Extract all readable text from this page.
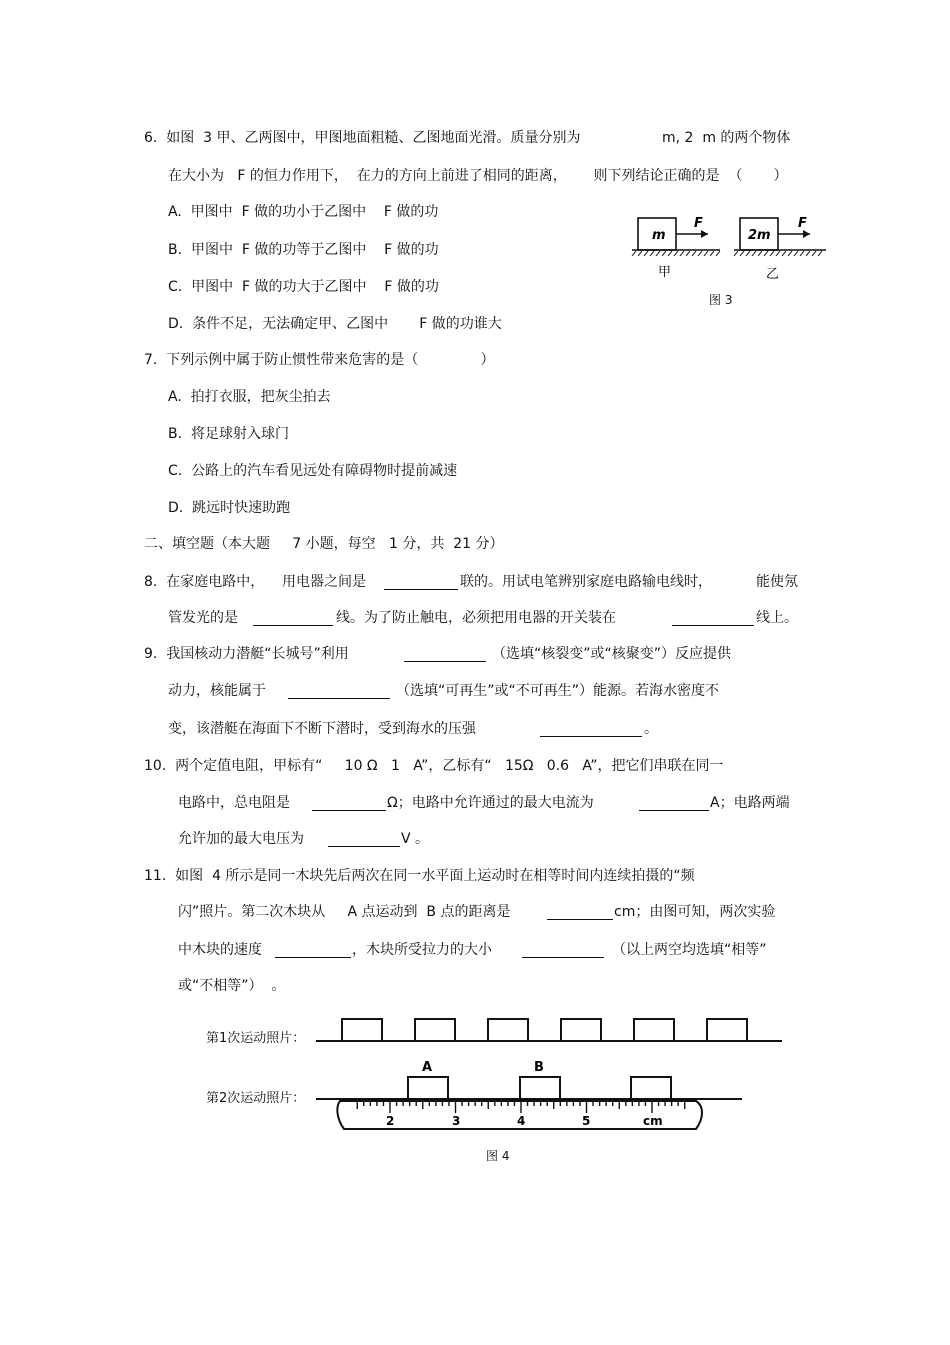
6.  如图  3 甲、乙两图中，甲图地面粗糙、乙图地面光滑。质量分别为	m, 2  m 的两个物体
在大小为   F 的恒力作用下，  在力的方向上前进了相同的距离，      则下列结论正确的是  （       ）
A.  甲图中  F 做的功小于乙图中    F 做的功
B.  甲图中  F 做的功等于乙图中    F 做的功
C.  甲图中  F 做的功大于乙图中    F 做的功
D.  条件不足，无法确定甲、乙图中       F 做的功谁大
m
F
甲
2m
F
乙
图 3
7.  下列示例中属于防止惯性带来危害的是（              ）
A.  拍打衣服，把灰尘拍去
B.  将足球射入球门
C.  公路上的汽车看见远处有障碍物时提前减速
D.  跳远时快速助跑
二、填空题（本大题     7 小题，每空   1 分，共  21 分）
8.  在家庭电路中，    用电器之间是	联的。用试电笔辨别家庭电路输电线时，	能使氖
管发光的是	线。为了防止触电，必须把用电器的开关装在	线上。
9.  我国核动力潜艇“长城号”利用	（选填“核裂变”或“核聚变”）反应提供
动力，核能属于	（选填“可再生”或“不可再生”）能源。若海水密度不
变，该潜艇在海面下不断下潜时，受到海水的压强	。
10.  两个定值电阻，甲标有“     10 Ω   1   A”，乙标有“   15Ω   0.6   A”，把它们串联在同一
电路中，总电阻是	Ω；电路中允许通过的最大电流为	A；电路两端
允许加的最大电压为	V 。
11.  如图  4 所示是同一木块先后两次在同一水平面上运动时在相等时间内连续拍摄的“频
闪”照片。第二次木块从     A 点运动到  B 点的距离是	cm；由图可知，两次实验
中木块的速度	，木块所受拉力的大小	（以上两空均选填“相等”
或“不相等”）  。
第1次运动照片：
第2次运动照片：
A	B
2	3	4	5	cm
图 4
